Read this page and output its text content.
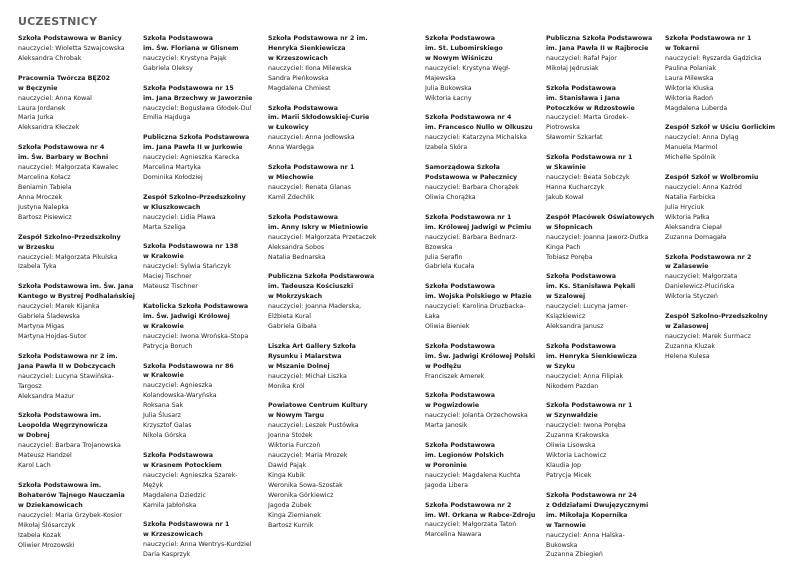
UCZESTNICY
Szkoła Podstawowa w Banicy
nauczyciel: Wioletta Szwajcowska
Aleksandra Chrobak
Pracownia Twórcza BĘZ02
w Bęczynie
nauczyciel: Anna Kowal
Laura Jordanek
Maria Jurka
Aleksandra Kłeczek
Szkoła Podstawowa nr 4
im. Św. Barbary w Bochni
nauczyciel: Małgorzata Kawalec
Marcelina Kołacz
Beniamin Tabiela
Anna Mroczek
Justyna Nalepka
Bartosz Pisiewicz
Zespół Szkolno-Przedszkolny
w Brzesku
nauczyciel: Małgorzata Pikulska
Izabela Tyka
Szkoła Podstawowa im. Św. Jana
Kantego w Bystrej Podhalańskiej
nauczyciel: Marek Kijanka
Gabriela Śladewska
Martyna Migas
Martyna Hojdas-Sutor
Szkoła Podstawowa nr 2 im.
Jana Pawła II w Dobczycach
nauczyciel: Lucyna Stawińska-
Targosz
Aleksandra Mazur
Szkoła Podstawowa im.
Leopolda Węgrzynowicza
w Dobrej
nauczyciel: Barbara Trojanowska
Mateusz Handzel
Karol Lach
Szkoła Podstawowa im.
Bohaterów Tajnego Nauczania
w Dziekanowicach
nauczyciel: Maria Grzybek-Kosior
Mikołaj Ślósarczyk
Izabela Kozak
Oliwier Mrozowski
Szkoła Podstawowa
im. Św. Floriana w Glisnem
nauczyciel: Krystyna Pająk
Gabriela Oleksy
Szkoła Podstawowa nr 15
im. Jana Brzechwy w Jaworznie
nauczyciel: Bogusława Głodek-Dul
Emilia Hajduga
Publiczna Szkoła Podstawowa
im. Jana Pawła II w Jurkowie
nauczyciel: Agnieszka Karecka
Marcelina Martyka
Dominika Kołodziej
Zespół Szkolno-Przedszkolny
w Kluszkowcach
nauczyciel: Lidia Pława
Marta Szeliga
Szkoła Podstawowa nr 138
w Krakowie
nauczyciel: Sylwia Stańczyk
Maciej Tischner
Mateusz Tischner
Katolicka Szkoła Podstawowa
im. Św. Jadwigi Królowej
w Krakowie
nauczyciel: Iwona Wrońska-Stopa
Patrycja Boruch
Szkoła Podstawowa nr 86
w Krakowie
nauczyciel: Agnieszka
Kolandowska-Waryńska
Roksana Sak
Julia Ślusarz
Krzysztof Galas
Nikola Górska
Szkoła Podstawowa
w Krasnem Potockiem
nauczyciel: Agnieszka Szarek-
Mężyk
Magdalena Dziedzic
Kamila Jabłońska
Szkoła Podstawowa nr 1
w Krzeszowicach
nauczyciel: Anna Wentrys-Kurdziel
Daria Kasprzyk
Szkoła Podstawowa nr 2 im.
Henryka Sienkiewicza
w Krzeszowicach
nauczyciel: Ilona Milewska
Sandra Pieńkowska
Magdalena Chmiest
Szkoła Podstawowa
im. Marii Skłodowskiej-Curie
w Łukowicy
nauczyciel: Anna Jodłowska
Anna Wardęga
Szkoła Podstawowa nr 1
w Miechowie
nauczyciel: Renata Glanas
Kamil Zdechlik
Szkoła Podstawowa
im. Anny Iskry w Mietniowie
nauczyciel: Małgorzata Przetaczek
Aleksandra Sobos
Natalia Bednarska
Publiczna Szkoła Podstawowa
im. Tadeusza Kościuszki
w Mokrzyskach
nauczyciel: Joanna Maderska,
Elżbieta Kural
Gabriela Gibała
Liszka Art Gallery Szkoła
Rysunku i Malarstwa
w Mszanie Dolnej
nauczyciel: Michał Liszka
Monika Król
Powiatowe Centrum Kultury
w Nowym Targu
nauczyciel: Leszek Pustówka
Joanna Stożek
Wiktoria Furczoń
nauczyciel: Maria Mrozek
Dawid Pająk
Kinga Kubik
Weronika Sowa-Szostak
Weronika Górkiewicz
Jagoda Zubek
Kinga Ziemianek
Bartosz Kurnik
Szkoła Podstawowa
im. St. Lubomirskiego
w Nowym Wiśniczu
nauczyciel: Krystyna Węgł-
Majewska
Julia Bukowska
Wiktoria Łacny
Szkoła Podstawowa nr 4
im. Francesco Nullo w Olkuszu
nauczyciel: Katarzyna Michalska
Izabela Skóra
Samorządowa Szkoła
Podstawowa w Pałecznicy
nauczyciel: Barbara Chorążek
Oliwia Chorążka
Szkoła Podstawowa nr 1
im. Królowej Jadwigi w Pcimiu
nauczyciel: Barbara Bednarz-
Bzowska
Julia Serafin
Gabriela Kucała
Szkoła Podstawowa
im. Wojska Polskiego w Płazie
nauczyciel: Karolina Druzbacka-
Łaka
Oliwia Bieniek
Szkoła Podstawowa
im. Św. Jadwigi Królowej Polski
w Podłężu
Franciszek Amerek
Szkoła Podstawowa
w Pogwizdowie
nauczyciel: Jolanta Orzechowska
Marta Janosik
Szkoła Podstawowa
im. Legionów Polskich
w Poroninie
nauczyciel: Magdalena Kuchta
Jagoda Libera
Szkoła Podstawowa nr 2
im. Wł. Orkana w Rabce-Zdroju
nauczyciel: Małgorzata Tatoń
Marcelina Nawara
Publiczna Szkoła Podstawowa
im. Jana Pawła II w Rajbrocie
nauczyciel: Rafał Pajor
Mikołaj Jędrusiak
Szkoła Podstawowa
im. Stanisława i Jana
Potoczków w Rdzostowie
nauczyciel: Marta Grodek-
Piotrowska
Sławomir Szkarłat
Szkoła Podstawowa nr 1
w Skawinie
nauczyciel: Beata Sobczyk
Hanna Kucharczyk
Jakub Kowal
Zespół Placówek Oświatowych
w Słopnicach
nauczyciel: Joanna Jaworz-Dutka
Kinga Pach
Tobiasz Poręba
Szkoła Podstawowa
im. Ks. Stanisława Pękali
w Szalowej
nauczyciel: Lucyna Jamer-
Ksiązkiewicz
Aleksandra Janusz
Szkoła Podstawowa
im. Henryka Sienkiewicza
w Szyku
nauczyciel: Anna Filipiak
Nikodem Pazdan
Szkoła Podstawowa nr 1
w Szynwałdzie
nauczyciel: Iwona Poręba
Zuzanna Krakowska
Oliwia Lisowska
Wiktoria Lachowicz
Klaudia Jop
Patrycja Micek
Szkoła Podstawowa nr 24
z Oddziałami Dwujęzycznymi
im. Mikołaja Kopernika
w Tarnowie
nauczyciel: Anna Halska-
Bukowska
Zuzanna Zbiegień
Szkoła Podstawowa nr 1
w Tokarni
nauczyciel: Ryszarda Gądzicka
Paulina Polaniak
Laura Milewska
Wiktoria Kluska
Wiktoria Radoń
Magdalena Luberda
Zespół Szkół w Uściu Gorlickim
nauczyciel: Anna Dyląg
Manuela Marmol
Michelle Spólnik
Zespół Szkół w Wolbromiu
nauczyciel: Anna Kaźród
Natalia Farbicka
Julia Hryciuk
Wiktoria Pałka
Aleksandra Ciepał
Zuzanna Domagała
Szkoła Podstawowa nr 2
w Zalasewie
nauczyciel: Małgorzata
Danielewicz-Plucińska
Wiktoria Styczeń
Zespół Szkolno-Przedszkolny
w Zalasowej
nauczyciel: Marek Surmacz
Zuzanna Kluzak
Helena Kulesa
